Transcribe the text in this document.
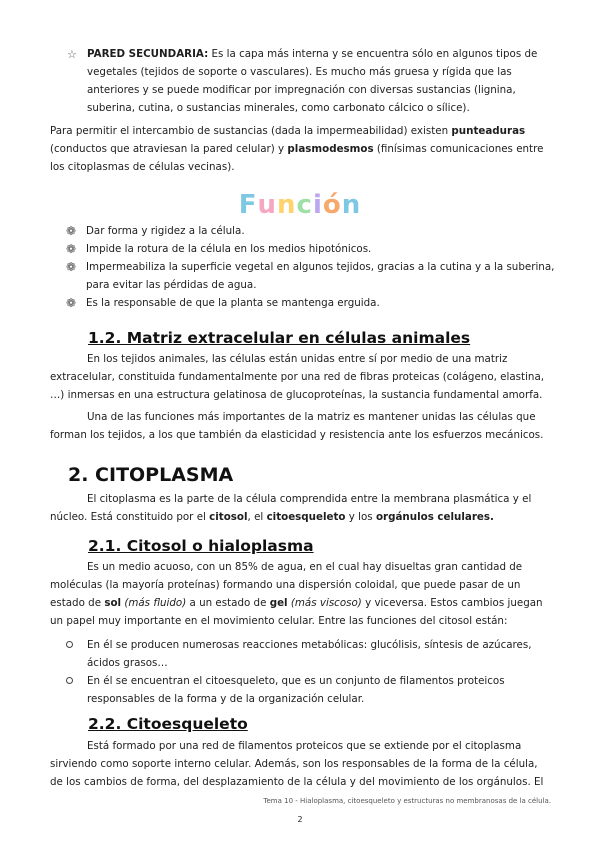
☆ PARED SECUNDARIA: Es la capa más interna y se encuentra sólo en algunos tipos de vegetales (tejidos de soporte o vasculares). Es mucho más gruesa y rígida que las anteriores y se puede modificar por impregnación con diversas sustancias (lignina, suberina, cutina, o sustancias minerales, como carbonato cálcico o sílice).

Para permitir el intercambio de sustancias (dada la impermeabilidad) existen punteaduras (conductos que atraviesan la pared celular) y plasmodesmos (finísimas comunicaciones entre los citoplasmas de células vecinas).

Función
❁ Dar forma y rigidez a la célula.
❁ Impide la rotura de la célula en los medios hipotónicos.
❁ Impermeabiliza la superficie vegetal en algunos tejidos, gracias a la cutina y a la suberina, para evitar las pérdidas de agua.
❁ Es la responsable de que la planta se mantenga erguida.
1.2. Matriz extracelular en células animales

En los tejidos animales, las células están unidas entre sí por medio de una matriz extracelular, constituida fundamentalmente por una red de fibras proteicas (colágeno, elastina, …) inmersas en una estructura gelatinosa de glucoproteínas, la sustancia fundamental amorfa.

Una de las funciones más importantes de la matriz es mantener unidas las células que forman los tejidos, a los que también da elasticidad y resistencia ante los esfuerzos mecánicos.

2. CITOPLASMA

El citoplasma es la parte de la célula comprendida entre la membrana plasmática y el núcleo. Está constituido por el citosol, el citoesqueleto y los orgánulos celulares.

2.1. Citosol o hialoplasma

Es un medio acuoso, con un 85% de agua, en el cual hay disueltas gran cantidad de moléculas (la mayoría proteínas) formando una dispersión coloidal, que puede pasar de un estado de sol (más fluido) a un estado de gel (más viscoso) y viceversa. Estos cambios juegan un papel muy importante en el movimiento celular. Entre las funciones del citosol están:

En él se producen numerosas reacciones metabólicas: glucólisis, síntesis de azúcares, ácidos grasos…
En él se encuentran el citoesqueleto, que es un conjunto de filamentos proteicos responsables de la forma y de la organización celular.
2.2. Citoesqueleto

Está formado por una red de filamentos proteicos que se extiende por el citoplasma sirviendo como soporte interno celular. Además, son los responsables de la forma de la célula, de los cambios de forma, del desplazamiento de la célula y del movimiento de los orgánulos. El

Tema 10 - Hialoplasma, citoesqueleto y estructuras no membranosas de la célula.
2
